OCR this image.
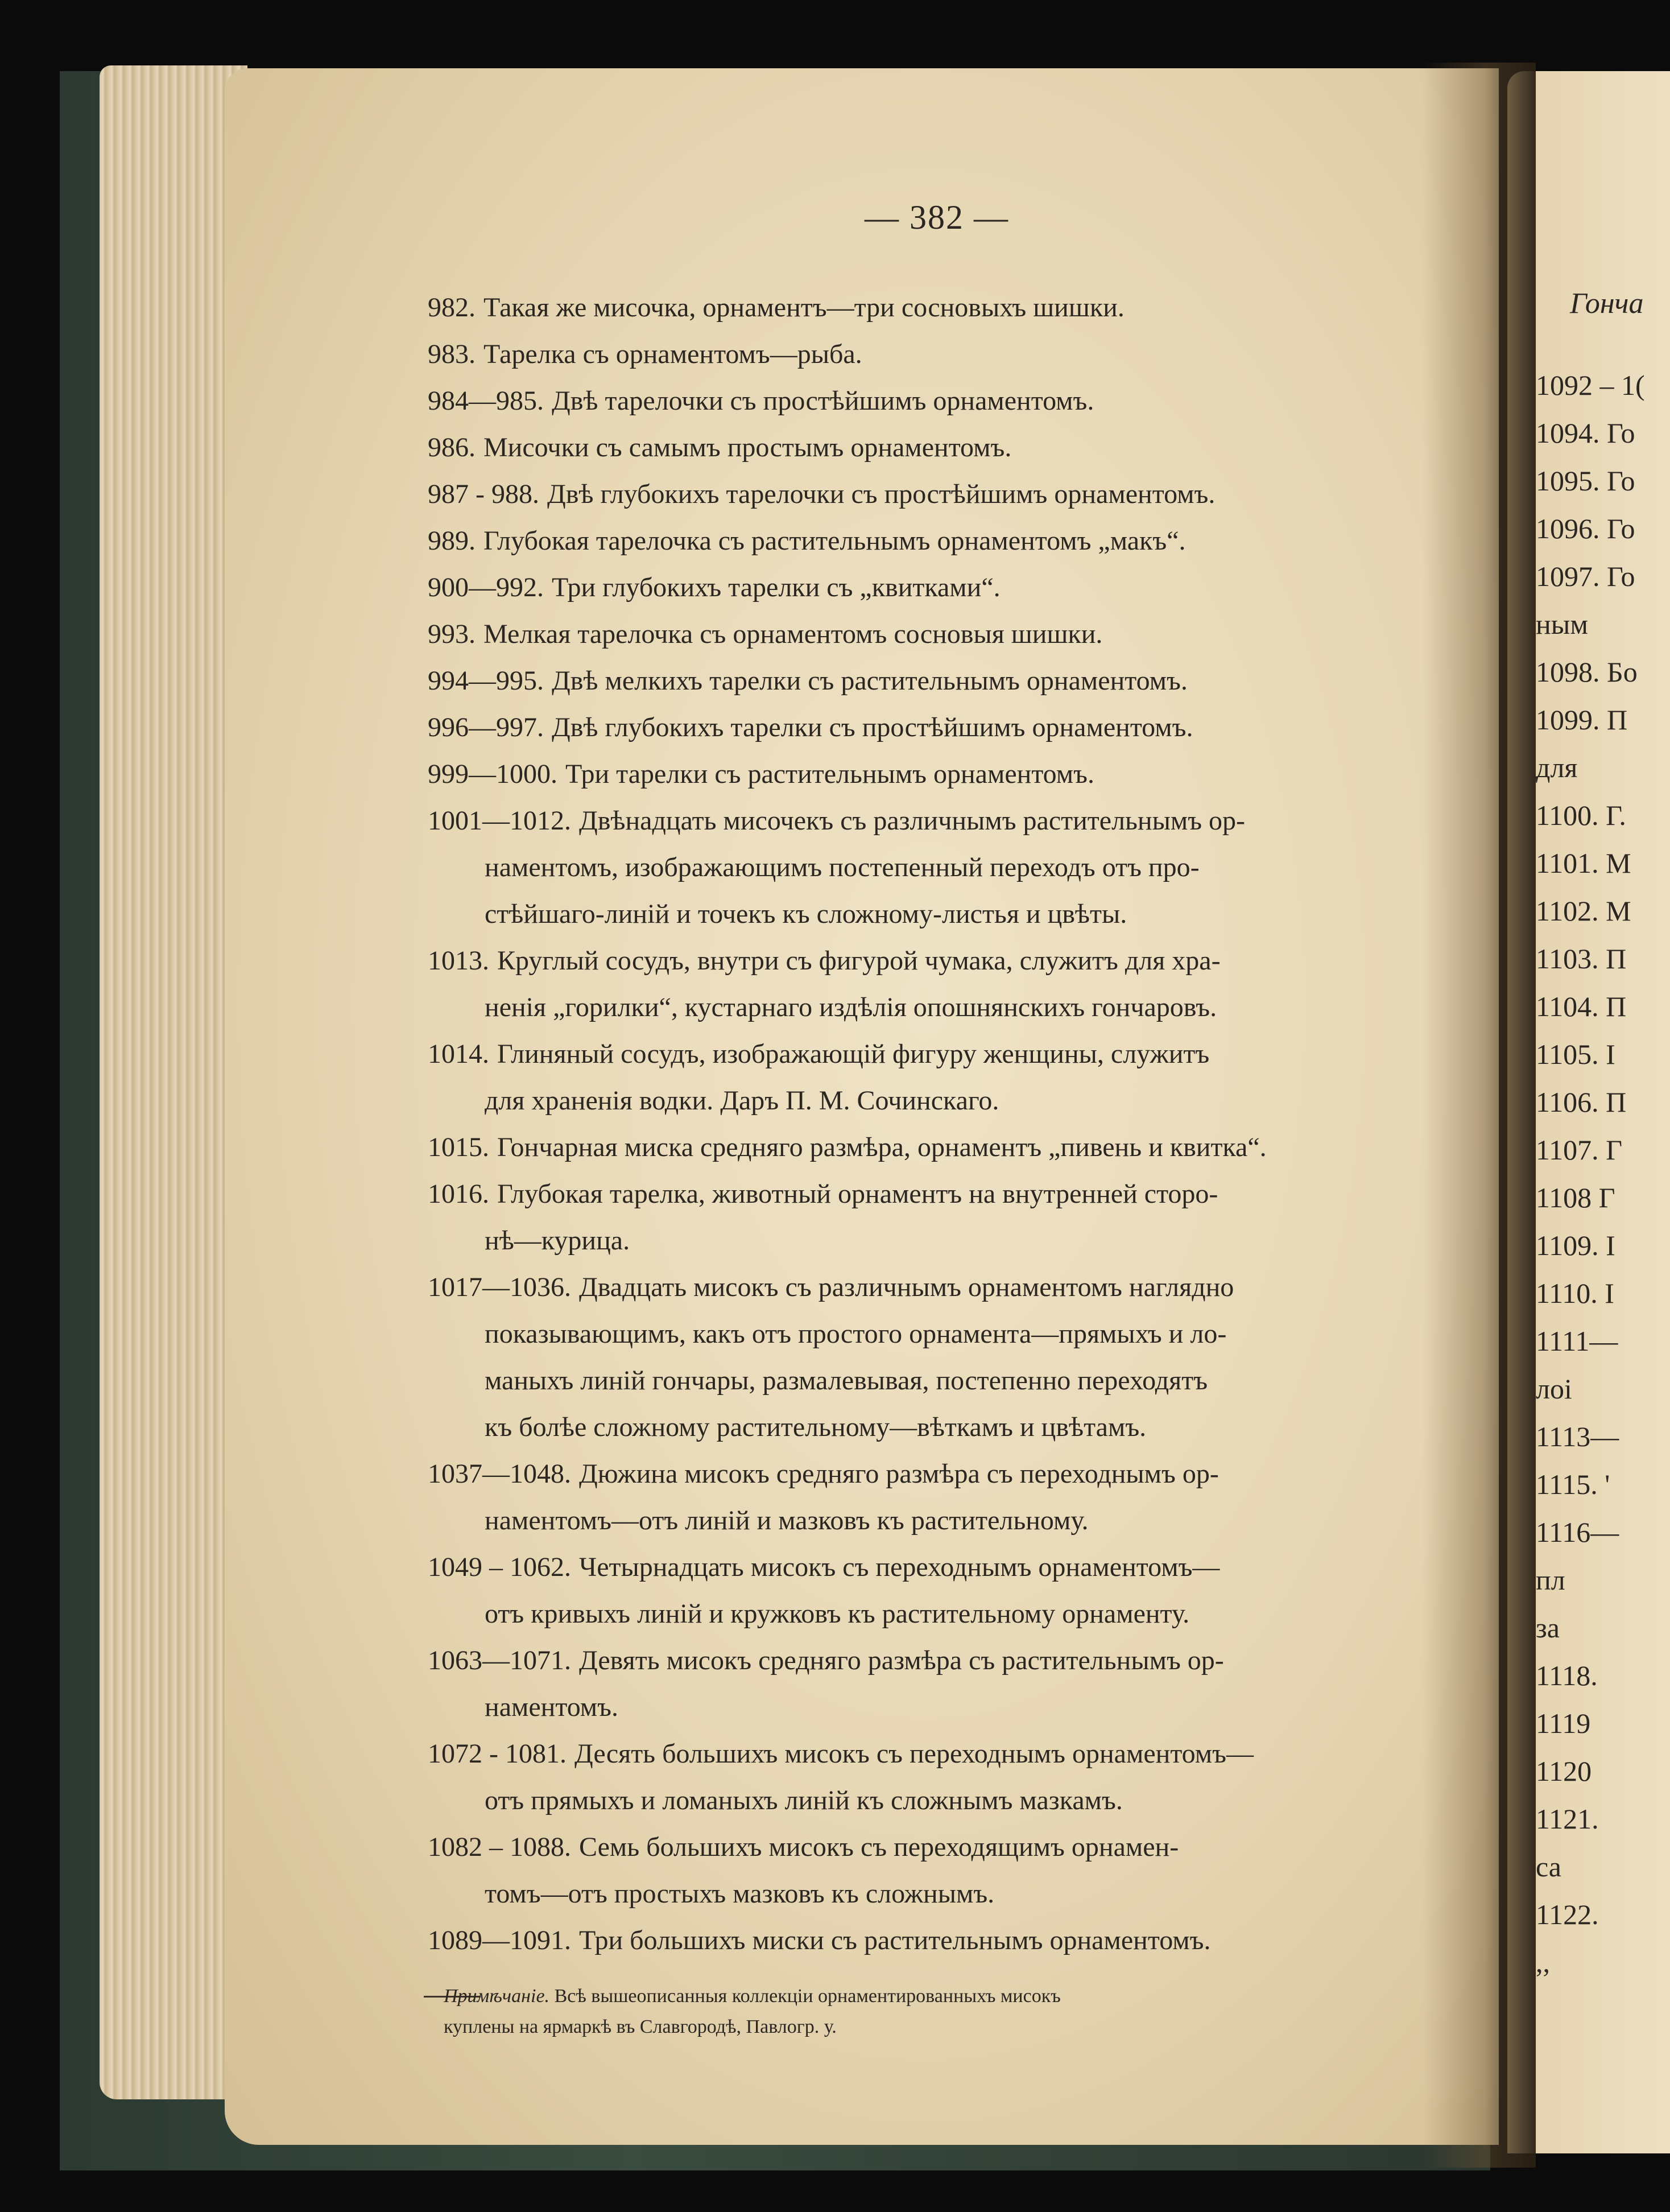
— 382 —
982. Такая же мисочка, орнаментъ—три сосновыхъ шишки.
983. Тарелка съ орнаментомъ—рыба.
984—985. Двѣ тарелочки съ простѣйшимъ орнаментомъ.
986. Мисочки съ самымъ простымъ орнаментомъ.
987 - 988. Двѣ глубокихъ тарелочки съ простѣйшимъ орнаментомъ.
989. Глубокая тарелочка съ растительнымъ орнаментомъ „макъ“.
900—992. Три глубокихъ тарелки съ „квитками“.
993. Мелкая тарелочка съ орнаментомъ сосновыя шишки.
994—995. Двѣ мелкихъ тарелки съ растительнымъ орнаментомъ.
996—997. Двѣ глубокихъ тарелки съ простѣйшимъ орнаментомъ.
999—1000. Три тарелки съ растительнымъ орнаментомъ.
1001—1012. Двѣнадцать мисочекъ съ различнымъ растительнымъ ор-
наментомъ, изображающимъ постепенный переходъ отъ про-
стѣйшаго-линій и точекъ къ сложному-листья и цвѣты.
1013. Круглый сосудъ, внутри съ фигурой чумака, служитъ для хра-
ненія „горилки“, кустарнаго издѣлія опошнянскихъ гончаровъ.
1014. Глиняный сосудъ, изображающій фигуру женщины, служитъ
для храненія водки. Даръ П. М. Сочинскаго.
1015. Гончарная миска средняго размѣра, орнаментъ „пивень и квитка“.
1016. Глубокая тарелка, животный орнаментъ на внутренней сторо-
нѣ—курица.
1017—1036. Двадцать мисокъ съ различнымъ орнаментомъ наглядно
показывающимъ, какъ отъ простого орнамента—прямыхъ и ло-
маныхъ линій гончары, размалевывая, постепенно переходятъ
къ болѣе сложному растительному—вѣткамъ и цвѣтамъ.
1037—1048. Дюжина мисокъ средняго размѣра съ переходнымъ ор-
наментомъ—отъ линій и мазковъ къ растительному.
1049 – 1062. Четырнадцать мисокъ съ переходнымъ орнаментомъ—
отъ кривыхъ линій и кружковъ къ растительному орнаменту.
1063—1071. Девять мисокъ средняго размѣра съ растительнымъ ор-
наментомъ.
1072 - 1081. Десять большихъ мисокъ съ переходнымъ орнаментомъ—
отъ прямыхъ и ломаныхъ линій къ сложнымъ мазкамъ.
1082 – 1088. Семь большихъ мисокъ съ переходящимъ орнамен-
томъ—отъ простыхъ мазковъ къ сложнымъ.
1089—1091. Три большихъ миски съ растительнымъ орнаментомъ.
Примѣчаніе. Всѣ вышеописанныя коллекціи орнаментированныхъ мисокъ
куплены на ярмаркѣ въ Славгородѣ, Павлогр. у.
Гонча
1092 – 1(
1094. Го
1095. Го
1096. Го
1097. Го
ным
1098. Бо
1099. П
для
1100. Г.
1101. М
1102. М
1103. П
1104. П
1105. І
1106. П
1107. Г
1108 Г
1109. І
1110. І
1111—
лоі
1113—
1115. '
1116—
пл
за
1118.
1119
1120
1121.
са
1122.
,,
